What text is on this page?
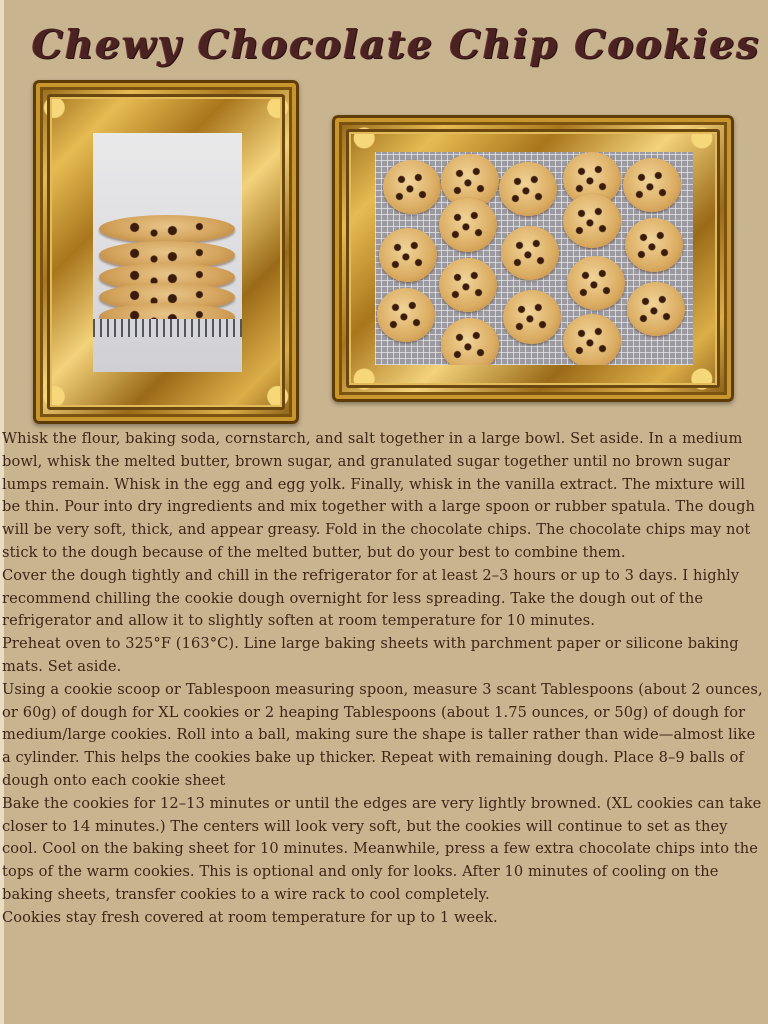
Chewy Chocolate Chip Cookies

Whisk the flour, baking soda, cornstarch, and salt together in a large bowl. Set aside. In a medium bowl, whisk the melted butter, brown sugar, and granulated sugar together until no brown sugar lumps remain. Whisk in the egg and egg yolk. Finally, whisk in the vanilla extract. The mixture will be thin. Pour into dry ingredients and mix together with a large spoon or rubber spatula. The dough will be very soft, thick, and appear greasy. Fold in the chocolate chips. The chocolate chips may not stick to the dough because of the melted butter, but do your best to combine them.

Cover the dough tightly and chill in the refrigerator for at least 2–3 hours or up to 3 days. I highly recommend chilling the cookie dough overnight for less spreading. Take the dough out of the refrigerator and allow it to slightly soften at room temperature for 10 minutes.

Preheat oven to 325°F (163°C). Line large baking sheets with parchment paper or silicone baking mats. Set aside.

Using a cookie scoop or Tablespoon measuring spoon, measure 3 scant Tablespoons (about 2 ounces, or 60g) of dough for XL cookies or 2 heaping Tablespoons (about 1.75 ounces, or 50g) of dough for medium/large cookies. Roll into a ball, making sure the shape is taller rather than wide—almost like a cylinder. This helps the cookies bake up thicker. Repeat with remaining dough. Place 8–9 balls of dough onto each cookie sheet

Bake the cookies for 12–13 minutes or until the edges are very lightly browned. (XL cookies can take closer to 14 minutes.) The centers will look very soft, but the cookies will continue to set as they cool. Cool on the baking sheet for 10 minutes. Meanwhile, press a few extra chocolate chips into the tops of the warm cookies. This is optional and only for looks. After 10 minutes of cooling on the baking sheets, transfer cookies to a wire rack to cool completely.

Cookies stay fresh covered at room temperature for up to 1 week.
